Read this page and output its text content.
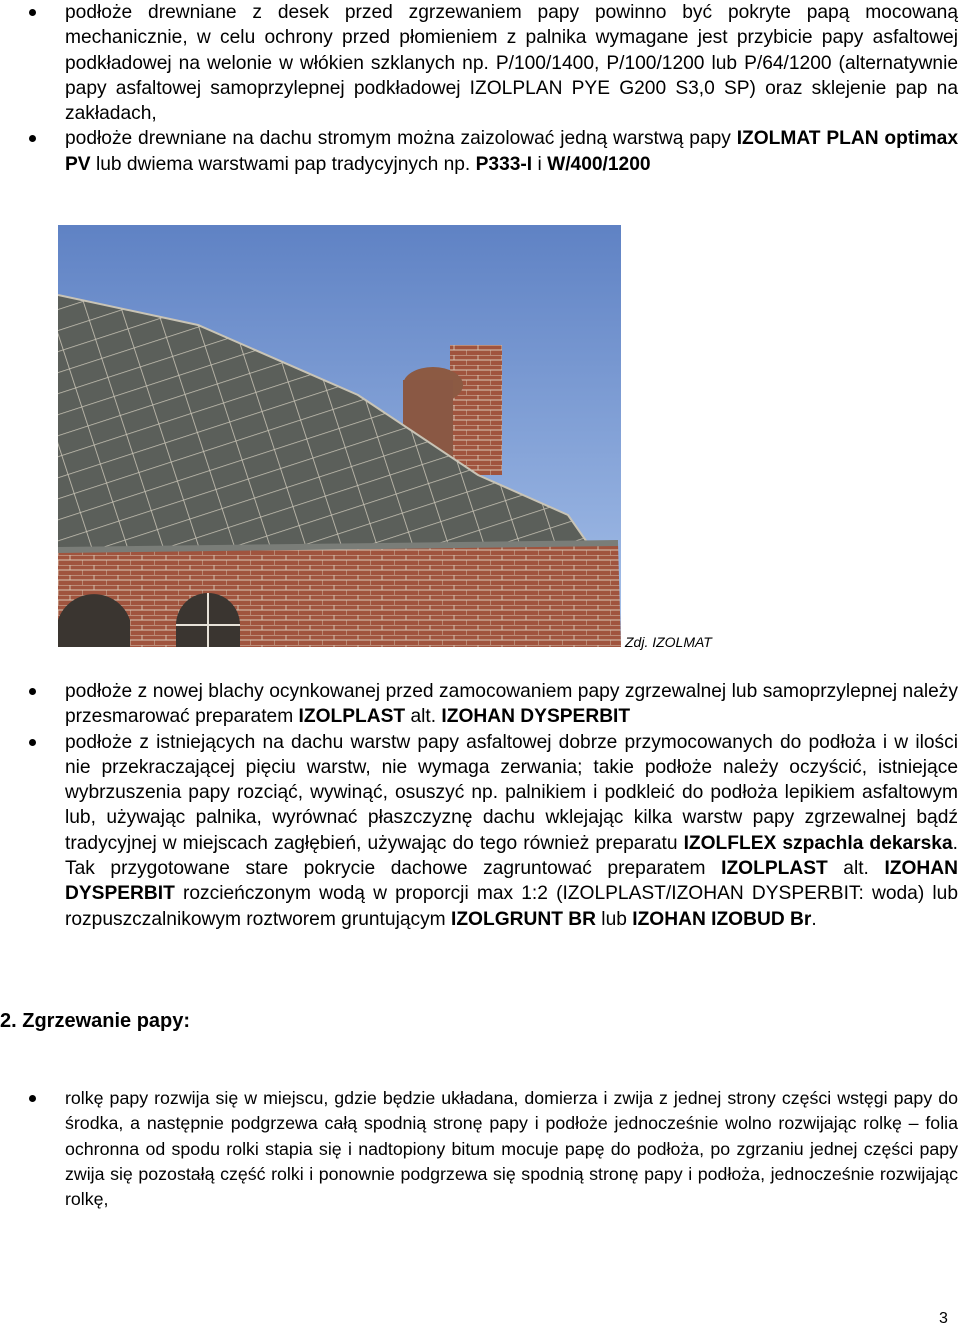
podłoże drewniane z desek przed zgrzewaniem papy powinno być pokryte papą mocowaną mechanicznie, w celu ochrony przed płomieniem z palnika wymagane jest przybicie papy asfaltowej podkładowej na welonie w włókien szklanych np. P/100/1400, P/100/1200 lub P/64/1200 (alternatywnie papy asfaltowej samoprzylepnej podkładowej IZOLPLAN PYE G200 S3,0 SP) oraz sklejenie pap na zakładach,
podłoże drewniane na dachu stromym można zaizolować jedną warstwą papy IZOLMAT PLAN optimax PV lub dwiema warstwami pap tradycyjnych np. P333-I i W/400/1200
Zdj. IZOLMAT
podłoże z nowej blachy ocynkowanej przed zamocowaniem papy zgrzewalnej lub samoprzylepnej należy przesmarować preparatem IZOLPLAST alt. IZOHAN DYSPERBIT
podłoże z istniejących na dachu warstw papy asfaltowej dobrze przymocowanych do podłoża i w ilości nie przekraczającej pięciu warstw, nie wymaga zerwania; takie podłoże należy oczyścić, istniejące wybrzuszenia papy rozciąć, wywinąć, osuszyć np. palnikiem i podkleić do podłoża lepikiem asfaltowym lub, używając palnika, wyrównać płaszczyznę dachu wklejając kilka warstw papy zgrzewalnej bądź tradycyjnej w miejscach zagłębień, używając do tego również preparatu IZOLFLEX szpachla dekarska. Tak przygotowane stare pokrycie dachowe zagruntować preparatem IZOLPLAST alt. IZOHAN DYSPERBIT rozcieńczonym wodą w proporcji max 1:2 (IZOLPLAST/IZOHAN DYSPERBIT: woda) lub rozpuszczalnikowym roztworem gruntującym IZOLGRUNT BR lub IZOHAN IZOBUD Br.
2. Zgrzewanie papy:
rolkę papy rozwija się w miejscu, gdzie będzie układana, domierza i zwija z jednej strony części wstęgi papy do środka, a następnie podgrzewa całą spodnią stronę papy i podłoże jednocześnie wolno rozwijając rolkę – folia ochronna od spodu rolki stapia się i nadtopiony bitum mocuje papę do podłoża, po zgrzaniu jednej części papy zwija się pozostałą część rolki i ponownie podgrzewa się spodnią stronę papy i podłoża, jednocześnie rozwijając rolkę,
3
